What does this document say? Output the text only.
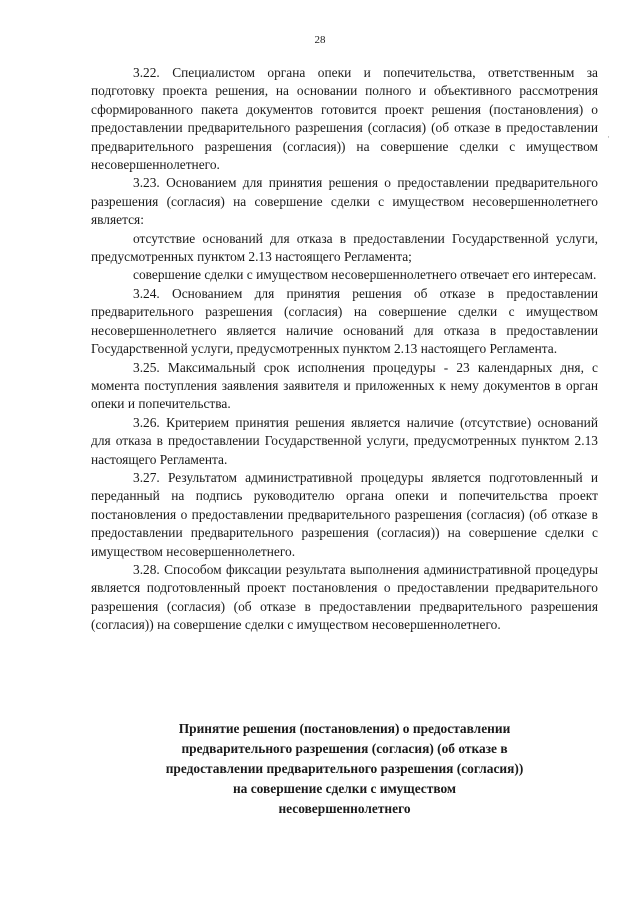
28

3.22. Специалистом органа опеки и попечительства, ответственным за подготовку проекта решения, на основании полного и объективного рассмотрения сформированного пакета документов готовится проект решения (постановления) о предоставлении предварительного разрешения (согласия) (об отказе в предоставлении предварительного разрешения (согласия)) на совершение сделки с имуществом несовершеннолетнего.

3.23. Основанием для принятия решения о предоставлении предварительного разрешения (согласия) на совершение сделки с имуществом несовершеннолетнего является:

отсутствие оснований для отказа в предоставлении Государственной услуги, предусмотренных пунктом 2.13 настоящего Регламента;

совершение сделки с имуществом несовершеннолетнего отвечает его интересам.

3.24. Основанием для принятия решения об отказе в предоставлении предварительного разрешения (согласия) на совершение сделки с имуществом несовершеннолетнего является наличие оснований для отказа в предоставлении Государственной услуги, предусмотренных пунктом 2.13 настоящего Регламента.

3.25. Максимальный срок исполнения процедуры - 23 календарных дня, с момента поступления заявления заявителя и приложенных к нему документов в орган опеки и попечительства.

3.26. Критерием принятия решения является наличие (отсутствие) оснований для отказа в предоставлении Государственной услуги, предусмотренных пунктом 2.13 настоящего Регламента.

3.27. Результатом административной процедуры является подготовленный и переданный на подпись руководителю органа опеки и попечительства проект постановления о предоставлении предварительного разрешения (согласия) (об отказе в предоставлении предварительного разрешения (согласия)) на совершение сделки с имуществом несовершеннолетнего.

3.28. Способом фиксации результата выполнения административной процедуры является подготовленный проект постановления о предоставлении предварительного разрешения (согласия) (об отказе в предоставлении предварительного разрешения (согласия)) на совершение сделки с имуществом несовершеннолетнего.

·
Принятие решения (постановления) о предоставлении
предварительного разрешения (согласия) (об отказе в
предоставлении предварительного разрешения (согласия))
на совершение сделки с имуществом
несовершеннолетнего
